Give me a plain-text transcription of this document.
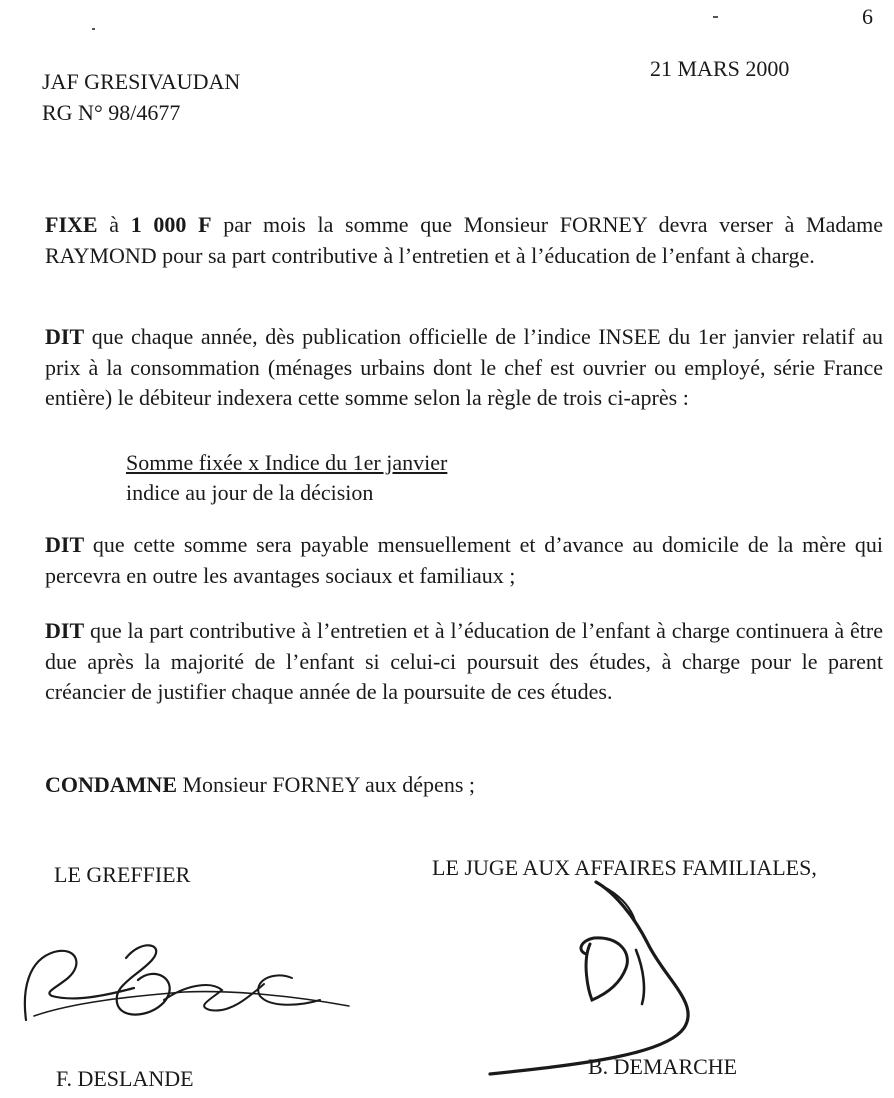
6
JAF GRESIVAUDAN
RG N° 98/4677
21 MARS 2000
FIXE à 1 000 F par mois la somme que Monsieur FORNEY devra verser à Madame RAYMOND pour sa part contributive à l’entretien et à l’éducation de l’enfant à charge.
DIT que chaque année, dès publication officielle de l’indice INSEE du 1er janvier relatif au prix à la consommation (ménages urbains dont le chef est ouvrier ou employé, série France entière) le débiteur indexera cette somme selon la règle de trois ci-après :
Somme fixée x Indice du 1er janvier
indice au jour de la décision
DIT que cette somme sera payable mensuellement et d’avance au domicile de la mère qui percevra en outre les avantages sociaux et familiaux ;
DIT que la part contributive à l’entretien et à l’éducation de l’enfant à charge continuera à être due après la majorité de l’enfant si celui-ci poursuit des études, à charge pour le parent créancier de justifier chaque année de la poursuite de ces études.
CONDAMNE Monsieur FORNEY aux dépens ;
LE GREFFIER	LE JUGE AUX AFFAIRES FAMILIALES,
F. DESLANDE	B. DEMARCHE
